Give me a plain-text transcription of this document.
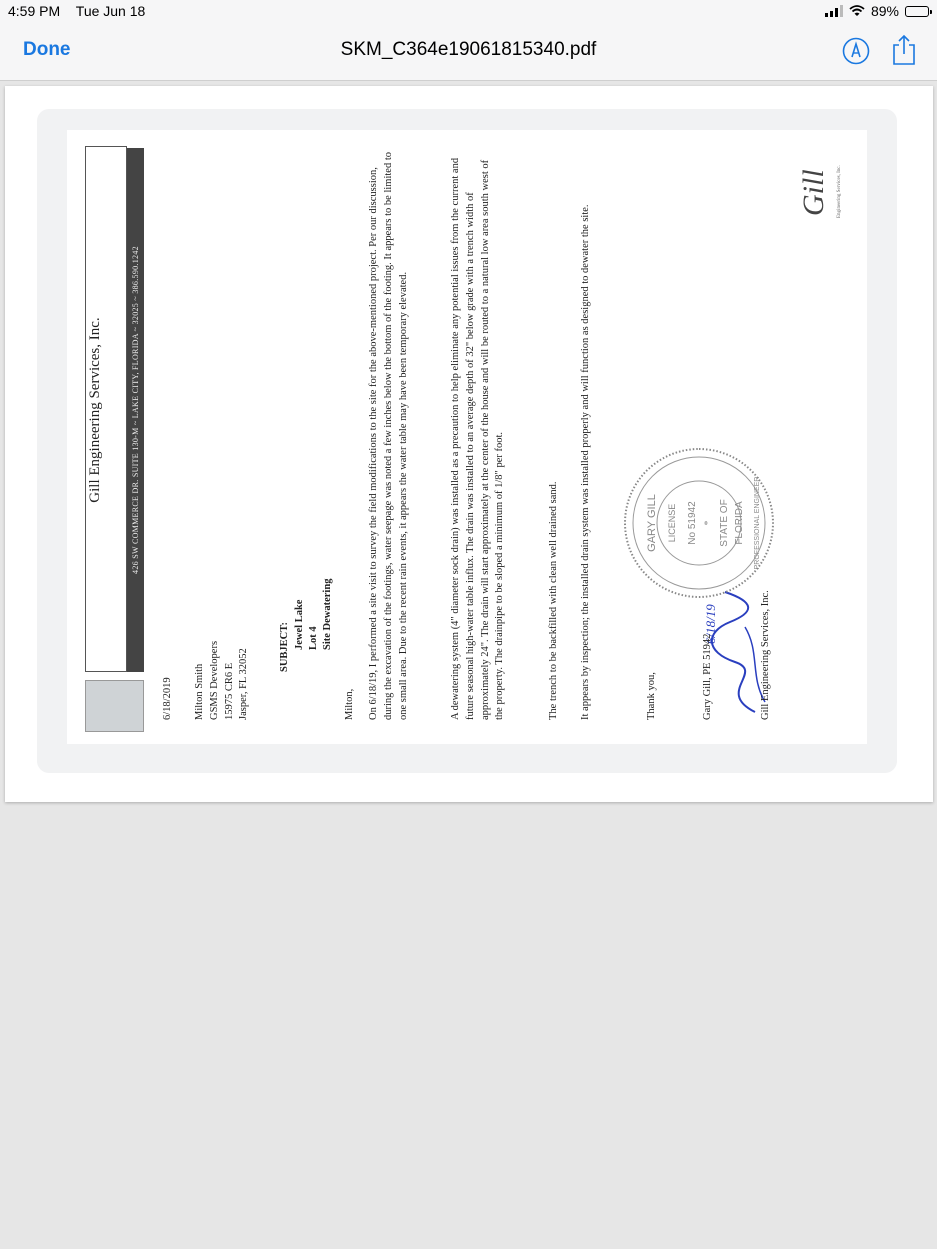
4:59 PM Tue Jun 18	89%
Done	SKM_C364e19061815340.pdf
Gill Engineering Services, Inc.	426 SW COMMERCE DR. SUITE 130-M ~ LAKE CITY, FLORIDA ~ 32025 ~ 386.590.1242
6/18/2019 Milton Smith GSMS Developers 15975 CR6 E Jasper, FL 32052
SUBJECT: Jewel Lake Lot 4 Site Dewatering
Milton, On 6/18/19, I performed a site visit to survey the field modifications to the site for the above-mentioned project. Per our discussion, during the excavation of the footings, water seepage was noted a few inches below the bottom of the footing. It appears to be limited to one small area. Due to the recent rain events, it appears the water table may have been temporary elevated.	A dewatering system (4" diameter sock drain) was installed as a precaution to help eliminate any potential issues from the current and future seasonal high-water table influx. The drain was installed to an average depth of 32" below grade with a trench width of approximately 24". The drain will start approximately at the center of the house and will be routed to a natural low area south west of the property. The drainpipe to be sloped a minimum of 1/8" per foot.	The trench to be backfilled with clean well drained sand. It appears by inspection; the installed drain system was installed properly and will function as designed to dewater the site.	Thank you,
6/18/19
Gary Gill, PE 51942	Gill Engineering Services, Inc.
GARY GILL LICENSE No 51942 * STATE OF FLORIDA PROFESSIONAL ENGINEER
Gill Engineering Services, Inc.
